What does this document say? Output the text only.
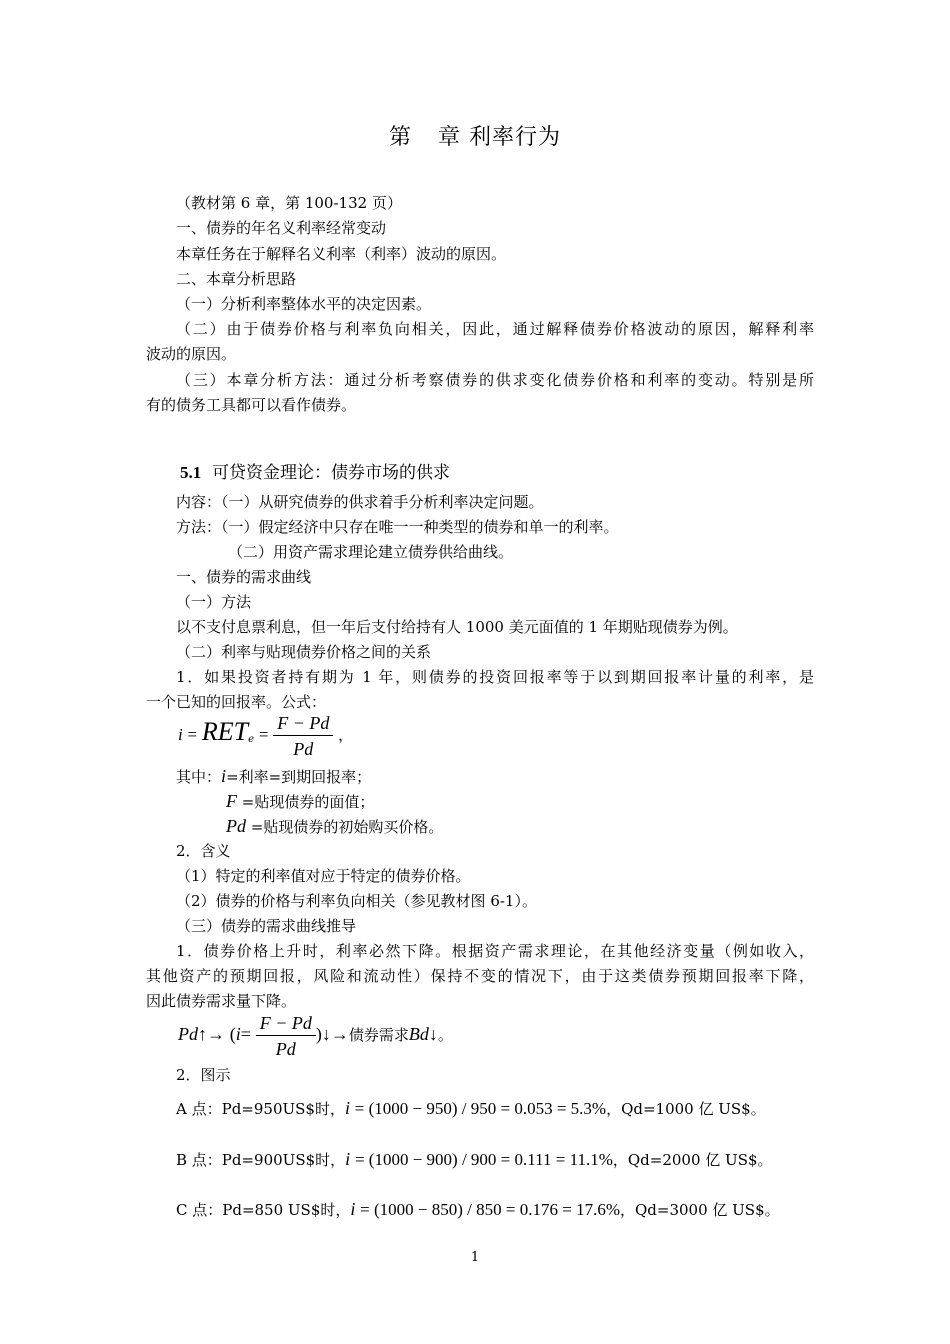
第 章 利率行为
（教材第 6 章，第 100-132 页）
一、债券的年名义利率经常变动
本章任务在于解释名义利率（利率）波动的原因。
二、本章分析思路
（一）分析利率整体水平的决定因素。
（二）由于债券价格与利率负向相关，因此，通过解释债券价格波动的原因，解释利率
波动的原因。
（三）本章分析方法：通过分析考察债券的供求变化债券价格和利率的变动。特别是所
有的债务工具都可以看作债券。
5.1 可贷资金理论：债券市场的供求
内容：（一）从研究债券的供求着手分析利率决定问题。
方法：（一）假定经济中只存在唯一一种类型的债券和单一的利率。
（二）用资产需求理论建立债券供给曲线。
一、债券的需求曲线
（一）方法
以不支付息票利息，但一年后支付给持有人 1000 美元面值的 1 年期贴现债券为例。
（二）利率与贴现债券价格之间的关系
1．如果投资者持有期为 1 年，则债券的投资回报率等于以到期回报率计量的利率，是
一个已知的回报率。公式：
i = RETe = $\frac{F - Pd}{Pd}$ ，
其中：i=利率=到期回报率；
F =贴现债券的面值；
Pd =贴现债券的初始购买价格。
2．含义
（1）特定的利率值对应于特定的债券价格。
（2）债券的价格与利率负向相关（参见教材图 6-1）。
（三）债券的需求曲线推导
1．债券价格上升时，利率必然下降。根据资产需求理论，在其他经济变量（例如收入，
其他资产的预期回报，风险和流动性）保持不变的情况下，由于这类债券预期回报率下降，
因此债券需求量下降。
Pd↑→ ($i= \frac{F - Pd}{Pd}$ )↓→债券需求Bd↓。
2．图示
A 点：Pd=950US$时，i = (1000 − 950) / 950 = 0.053 = 5.3%，Qd=1000 亿 US$。
B 点：Pd=900US$时，i = (1000 − 900) / 900 = 0.111 = 11.1%，Qd=2000 亿 US$。
C 点：Pd=850 US$时，i = (1000 − 850) / 850 = 0.176 = 17.6%，Qd=3000 亿 US$。
1
